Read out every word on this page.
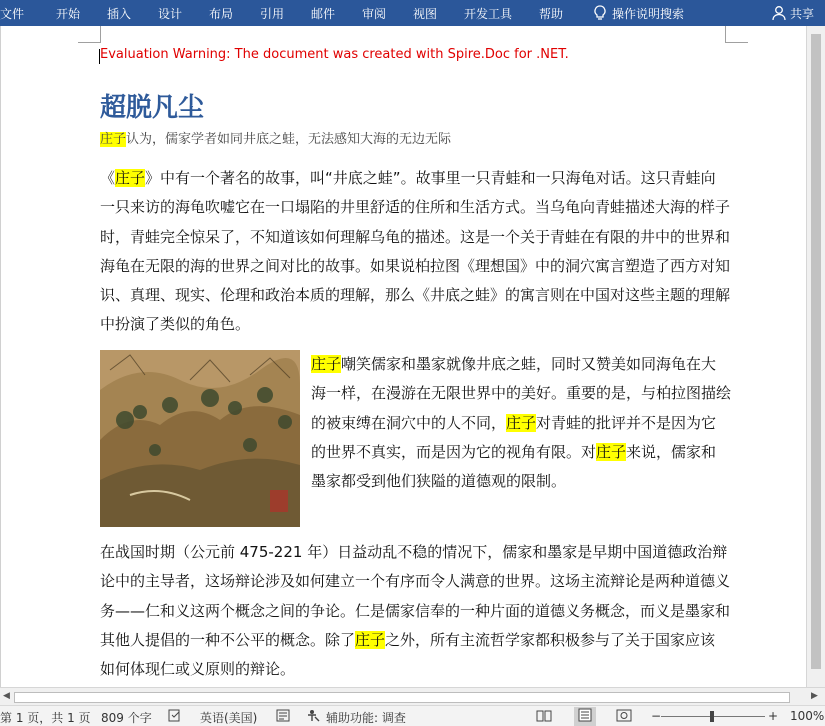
文件	开始 插入 设计 布局 引用 邮件 审阅 视图 开发工具 帮助	操作说明搜索	共享
Evaluation Warning: The document was created with Spire.Doc for .NET.
超脱凡尘
庄子认为，儒家学者如同井底之蛙，无法感知大海的无边无际
《庄子》中有一个著名的故事，叫“井底之蛙”。故事里一只青蛙和一只海龟对话。这只青蛙向一只来访的海龟吹嘘它在一口塌陷的井里舒适的住所和生活方式。当乌龟向青蛙描述大海的样子时，青蛙完全惊呆了，不知道该如何理解乌龟的描述。这是一个关于青蛙在有限的井中的世界和海龟在无限的海的世界之间对比的故事。如果说柏拉图《理想国》中的洞穴寓言塑造了西方对知识、真理、现实、伦理和政治本质的理解，那么《井底之蛙》的寓言则在中国对这些主题的理解中扮演了类似的角色。
庄子嘲笑儒家和墨家就像井底之蛙，同时又赞美如同海龟在大海一样，在漫游在无限世界中的美好。重要的是，与柏拉图描绘的被束缚在洞穴中的人不同，庄子对青蛙的批评并不是因为它的世界不真实，而是因为它的视角有限。对庄子来说，儒家和墨家都受到他们狭隘的道德观的限制。
在战国时期（公元前 475-221 年）日益动乱不稳的情况下，儒家和墨家是早期中国道德政治辩论中的主导者，这场辩论涉及如何建立一个有序而令人满意的世界。这场主流辩论是两种道德义务——仁和义这两个概念之间的争论。仁是儒家信奉的一种片面的道德义务概念，而义是墨家和其他人提倡的一种不公平的概念。除了庄子之外，所有主流哲学家都积极参与了关于国家应该如何体现仁或义原则的辩论。
◀	▶
第 1 页，共 1 页 809 个字	英语(美国)	辅助功能: 调查	−	+ 100%
